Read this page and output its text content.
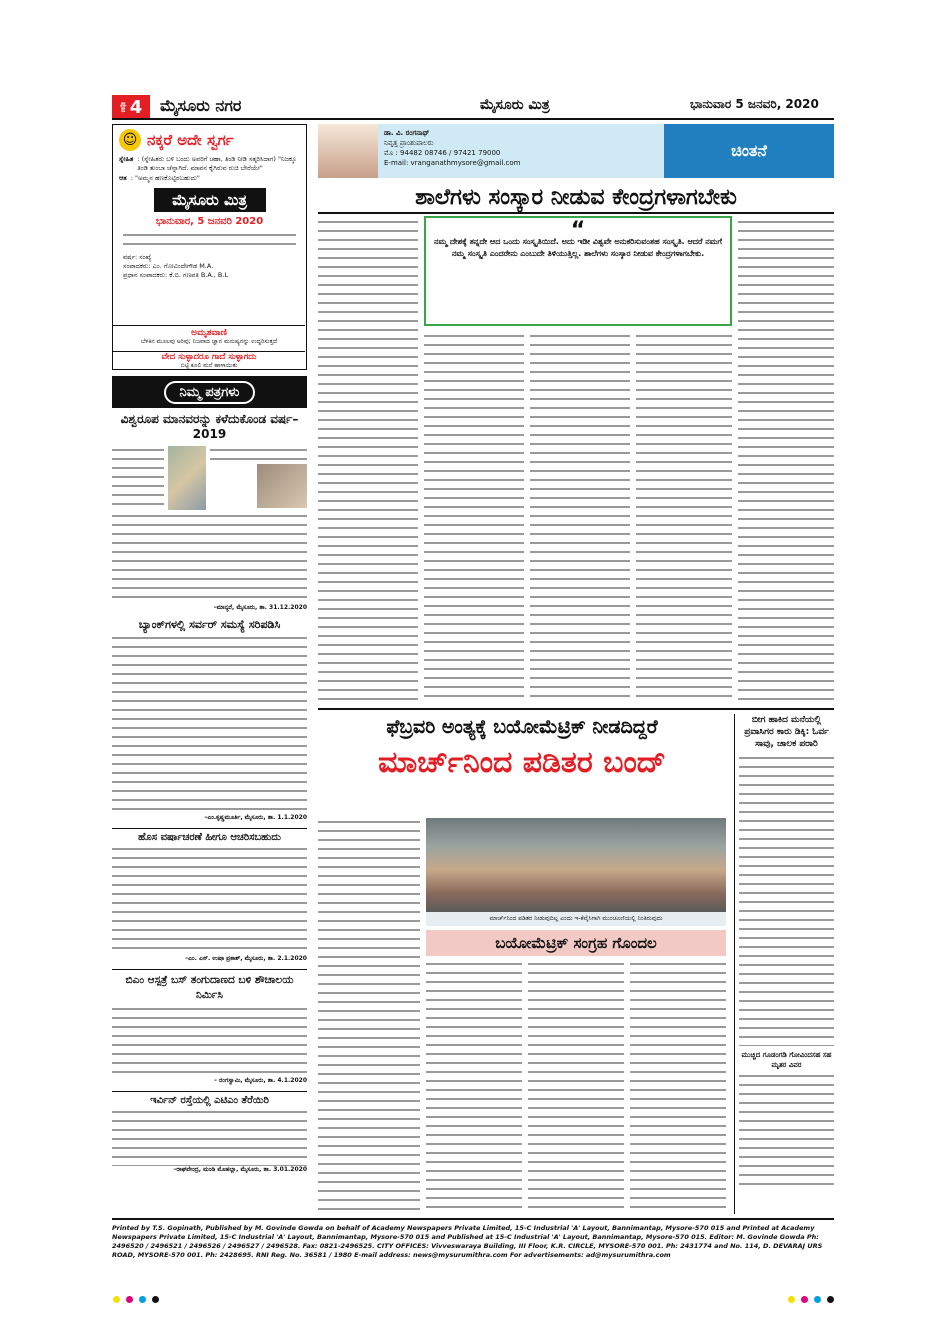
ಪುಟ 4 ಮೈಸೂರು ನಗರ	ಮೈಸೂರು ಮಿತ್ರ	ಭಾನುವಾರ 5 ಜನವರಿ, 2020
☺ ನಕ್ಕರೆ ಅದೇ ಸ್ವರ್ಗ
ಸ್ನೇಹಿತ : (ಸ್ನೇಹಿತರು ಬಳಿ ಬಂದು ಅವರಿಗೆ ಚಹಾ, ತಿಂಡಿ ನೀಡಿ ಸತ್ಕರಿಸಿದಾಗ) "ನಿಜಕ್ಕೂ ತಿಂಡಿ ತುಂಬಾ ಚೆನ್ನಾಗಿದೆ. ಮಾವನ ಕೈಗಿರುವ ರುಚಿ ಬೇರೆಯೇ"
ಆತ : "ಅಮ್ಮನ ಹಣಕೊಟ್ಟಿರಬಹುದು"
ಮೈಸೂರು ಮಿತ್ರ
ಭಾನುವಾರ, 5 ಜನವರಿ 2020
ವರ್ಷ: ಸಂಖ್ಯೆ
ಸಂಪಾದಕರು: ಎಂ. ಗೋವಿಂದೇಗೌಡ M.A.
ಪ್ರಧಾನ ಸಂಪಾದಕರು: ಕೆ.ಬಿ. ಗಣಪತಿ B.A., B.L
ಅಮೃತವಾಣಿ
ಬೆಳಕಿನ ಮೂಲವು ಅರಿವು; ನಿಜವಾದ ಜ್ಞಾನ ಮನುಷ್ಯನನ್ನು ಉದ್ಧರಿಸುತ್ತದೆ
ವೇದ ಸುಳ್ಳಾದರೂ ಗಾದೆ ಸುಳ್ಳಾಗದು
ಬಿಟ್ಟಿ ಕೂಲಿ ಮನೆ ಹಾಳಾಯಿತು
ನಿಮ್ಮ ಪತ್ರಗಳು
ವಿಶ್ವರೂಪ ಮಾನವರನ್ನು ಕಳೆದುಕೊಂಡ ವರ್ಷ–2019
–ಮಾನ್ಯರೆ, ಮೈಸೂರು, ತಾ. 31.12.2020
ಬ್ಯಾಂಕ್‌ಗಳಲ್ಲಿ ಸರ್ವರ್ ಸಮಸ್ಯೆ ಸರಿಪಡಿಸಿ
–ಎಂ.ಕೃಷ್ಣಮೂರ್ತಿ, ಮೈಸೂರು, ತಾ. 1.1.2020
ಹೊಸ ವರ್ಷಾಚರಣೆ ಹೀಗೂ ಆಚರಿಸಬಹುದು
–ಎಂ. ಎಸ್. ಉಷಾ ಪ್ರಕಾಶ್, ಮೈಸೂರು, ತಾ. 2.1.2020
ಬಿಎಂ ಆಸ್ಪತ್ರೆ ಬಸ್ ತಂಗುದಾಣದ ಬಳಿ ಶೌಚಾಲಯ ನಿರ್ಮಿಸಿ
– ರಂಗಸ್ವಾಮಿ, ಮೈಸೂರು, ತಾ. 4.1.2020
ಇರ್ವಿನ್ ರಸ್ತೆಯಲ್ಲಿ ಎಟಿಎಂ ತೆರೆಯಿರಿ
–ರಾಘವೇಂದ್ರ, ಮಂಡಿ ಮೊಹಲ್ಲಾ, ಮೈಸೂರು, ತಾ. 3.01.2020
ಡಾ. ವಿ. ರಂಗನಾಥ್
ನಿವೃತ್ತ ಪ್ರಾಂಶುಪಾಲರು
ಮೊ : 94482 08746 / 97421 79000
E-mail: vranganathmysore@gmail.com
ಚಿಂತನೆ
ಶಾಲೆಗಳು ಸಂಸ್ಕಾರ ನೀಡುವ ಕೇಂದ್ರಗಳಾಗಬೇಕು
“
ನಮ್ಮ ದೇಶಕ್ಕೆ ತನ್ನದೇ ಆದ ಒಂದು ಸಂಸ್ಕೃತಿಯಿದೆ. ಅದು ಇಡೀ ವಿಶ್ವವೇ ಅನುಕರಿಸುವಂತಹ ಸಂಸ್ಕೃತಿ. ಆದರೆ ನಮಗೆ ನಮ್ಮ ಸಂಸ್ಕೃತಿ ಎಂದರೇನು ಎಂಬುದೇ ತಿಳಿಯುತ್ತಿಲ್ಲ. ಶಾಲೆಗಳು ಸಂಸ್ಕಾರ ನೀಡುವ ಕೇಂದ್ರಗಳಾಗಬೇಕು.
ಫೆಬ್ರವರಿ ಅಂತ್ಯಕ್ಕೆ ಬಯೋಮೆಟ್ರಿಕ್ ನೀಡದಿದ್ದರೆ
ಮಾರ್ಚ್‌ನಿಂದ ಪಡಿತರ ಬಂದ್
ಮಾರ್ಚ್‌ನಿಂದ ಪಡಿತರ ನೀಡುವುದಿಲ್ಲ ಎಂದು ಇ-ಕೆವೈಸಿಗಾಗಿ ಮುಂಚೂಣಿಯಲ್ಲಿ ನಿಂತಿರುವುದು
ಬಯೋಮೆಟ್ರಿಕ್ ಸಂಗ್ರಹ ಗೊಂದಲ
ಬೀಗ ಹಾಕಿದ ಮನೆಯಲ್ಲಿ ಪ್ರವಾಸಿಗರ ಕಾರು ಡಿಕ್ಕಿ: ಓರ್ವ ಸಾವು, ಚಾಲಕ ಪರಾರಿ
ಮುಚ್ಚಿದ ಗೂಡಂಗಡಿ ಗೋವಿಂದಸಹ ಸಹ ಮೃತರ ವಿವರ
Printed by T.S. Gopinath, Published by M. Govinde Gowda on behalf of Academy Newspapers Private Limited, 15-C Industrial 'A' Layout, Bannimantap, Mysore-570 015 and Printed at Academy Newspapers Private Limited, 15-C Industrial 'A' Layout, Bannimantap, Mysore-570 015 and Published at 15-C Industrial 'A' Layout, Bannimantap, Mysore-570 015. Editor: M. Govinde Gowda Ph: 2496520 / 2496521 / 2496526 / 2496527 / 2496528. Fax: 0821-2496525. CITY OFFICES: Vivveswaraya Building, III Floor, K.R. CIRCLE, MYSORE-570 001. Ph: 2431774 and No. 114, D. DEVARAJ URS ROAD, MYSORE-570 001. Ph: 2428695. RNI Reg. No. 36581 / 1980 E-mail address: news@mysurumithra.com For advertisements: ad@mysurumithra.com
